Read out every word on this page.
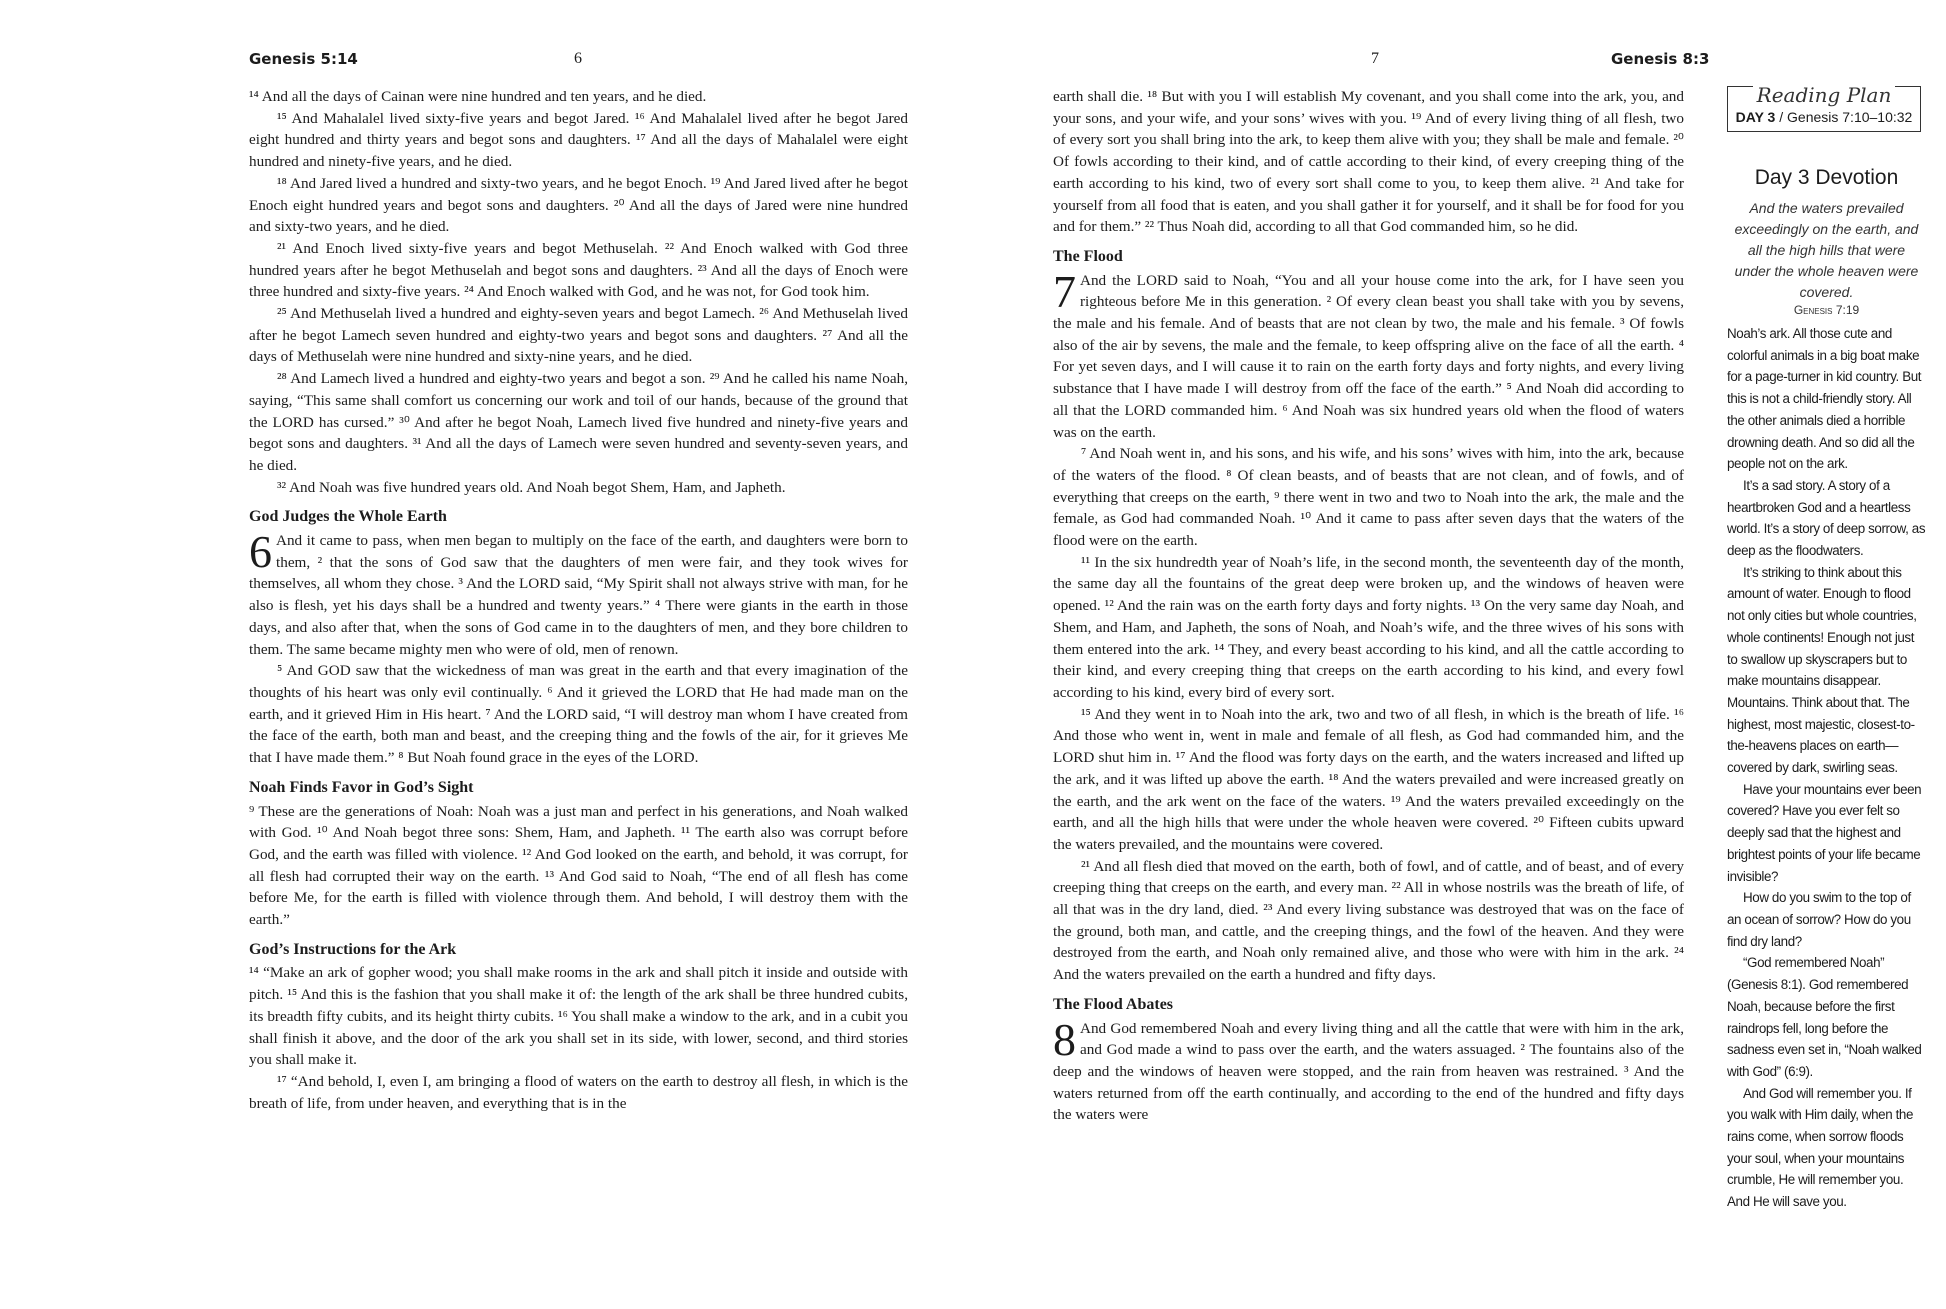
Genesis 5:14	6

¹⁴ And all the days of Cainan were nine hundred and ten years, and he died.

¹⁵ And Mahalalel lived sixty-five years and begot Jared. ¹⁶ And Mahalalel lived after he begot Jared eight hundred and thirty years and begot sons and daughters. ¹⁷ And all the days of Mahalalel were eight hundred and ninety-five years, and he died.

¹⁸ And Jared lived a hundred and sixty-two years, and he begot Enoch. ¹⁹ And Jared lived after he begot Enoch eight hundred years and begot sons and daughters. ²⁰ And all the days of Jared were nine hundred and sixty-two years, and he died.

²¹ And Enoch lived sixty-five years and begot Methuselah. ²² And Enoch walked with God three hundred years after he begot Methuselah and begot sons and daughters. ²³ And all the days of Enoch were three hundred and sixty-five years. ²⁴ And Enoch walked with God, and he was not, for God took him.

²⁵ And Methuselah lived a hundred and eighty-seven years and begot Lamech. ²⁶ And Methuselah lived after he begot Lamech seven hundred and eighty-two years and begot sons and daughters. ²⁷ And all the days of Methuselah were nine hundred and sixty-nine years, and he died.

²⁸ And Lamech lived a hundred and eighty-two years and begot a son. ²⁹ And he called his name Noah, saying, “This same shall comfort us concerning our work and toil of our hands, because of the ground that the LORD has cursed.” ³⁰ And after he begot Noah, Lamech lived five hundred and ninety-five years and begot sons and daughters. ³¹ And all the days of Lamech were seven hundred and seventy-seven years, and he died.

³² And Noah was five hundred years old. And Noah begot Shem, Ham, and Japheth.

God Judges the Whole Earth

6 And it came to pass, when men began to multiply on the face of the earth, and daughters were born to them, ² that the sons of God saw that the daughters of men were fair, and they took wives for themselves, all whom they chose. ³ And the LORD said, “My Spirit shall not always strive with man, for he also is flesh, yet his days shall be a hundred and twenty years.” ⁴ There were giants in the earth in those days, and also after that, when the sons of God came in to the daughters of men, and they bore children to them. The same became mighty men who were of old, men of renown.

⁵ And GOD saw that the wickedness of man was great in the earth and that every imagination of the thoughts of his heart was only evil continually. ⁶ And it grieved the LORD that He had made man on the earth, and it grieved Him in His heart. ⁷ And the LORD said, “I will destroy man whom I have created from the face of the earth, both man and beast, and the creeping thing and the fowls of the air, for it grieves Me that I have made them.” ⁸ But Noah found grace in the eyes of the LORD.

Noah Finds Favor in God’s Sight

⁹ These are the generations of Noah: Noah was a just man and perfect in his generations, and Noah walked with God. ¹⁰ And Noah begot three sons: Shem, Ham, and Japheth. ¹¹ The earth also was corrupt before God, and the earth was filled with violence. ¹² And God looked on the earth, and behold, it was corrupt, for all flesh had corrupted their way on the earth. ¹³ And God said to Noah, “The end of all flesh has come before Me, for the earth is filled with violence through them. And behold, I will destroy them with the earth.”

God’s Instructions for the Ark

¹⁴ “Make an ark of gopher wood; you shall make rooms in the ark and shall pitch it inside and outside with pitch. ¹⁵ And this is the fashion that you shall make it of: the length of the ark shall be three hundred cubits, its breadth fifty cubits, and its height thirty cubits. ¹⁶ You shall make a window to the ark, and in a cubit you shall finish it above, and the door of the ark you shall set in its side, with lower, second, and third stories you shall make it.

¹⁷ “And behold, I, even I, am bringing a flood of waters on the earth to destroy all flesh, in which is the breath of life, from under heaven, and everything that is in the

7	Genesis 8:3

earth shall die. ¹⁸ But with you I will establish My covenant, and you shall come into the ark, you, and your sons, and your wife, and your sons’ wives with you. ¹⁹ And of every living thing of all flesh, two of every sort you shall bring into the ark, to keep them alive with you; they shall be male and female. ²⁰ Of fowls according to their kind, and of cattle according to their kind, of every creeping thing of the earth according to his kind, two of every sort shall come to you, to keep them alive. ²¹ And take for yourself from all food that is eaten, and you shall gather it for yourself, and it shall be for food for you and for them.” ²² Thus Noah did, according to all that God commanded him, so he did.

The Flood

7 And the LORD said to Noah, “You and all your house come into the ark, for I have seen you righteous before Me in this generation. ² Of every clean beast you shall take with you by sevens, the male and his female. And of beasts that are not clean by two, the male and his female. ³ Of fowls also of the air by sevens, the male and the female, to keep offspring alive on the face of all the earth. ⁴ For yet seven days, and I will cause it to rain on the earth forty days and forty nights, and every living substance that I have made I will destroy from off the face of the earth.” ⁵ And Noah did according to all that the LORD commanded him. ⁶ And Noah was six hundred years old when the flood of waters was on the earth.

⁷ And Noah went in, and his sons, and his wife, and his sons’ wives with him, into the ark, because of the waters of the flood. ⁸ Of clean beasts, and of beasts that are not clean, and of fowls, and of everything that creeps on the earth, ⁹ there went in two and two to Noah into the ark, the male and the female, as God had commanded Noah. ¹⁰ And it came to pass after seven days that the waters of the flood were on the earth.

¹¹ In the six hundredth year of Noah’s life, in the second month, the seventeenth day of the month, the same day all the fountains of the great deep were broken up, and the windows of heaven were opened. ¹² And the rain was on the earth forty days and forty nights. ¹³ On the very same day Noah, and Shem, and Ham, and Japheth, the sons of Noah, and Noah’s wife, and the three wives of his sons with them entered into the ark. ¹⁴ They, and every beast according to his kind, and all the cattle according to their kind, and every creeping thing that creeps on the earth according to his kind, and every fowl according to his kind, every bird of every sort.

¹⁵ And they went in to Noah into the ark, two and two of all flesh, in which is the breath of life. ¹⁶ And those who went in, went in male and female of all flesh, as God had commanded him, and the LORD shut him in. ¹⁷ And the flood was forty days on the earth, and the waters increased and lifted up the ark, and it was lifted up above the earth. ¹⁸ And the waters prevailed and were increased greatly on the earth, and the ark went on the face of the waters. ¹⁹ And the waters prevailed exceedingly on the earth, and all the high hills that were under the whole heaven were covered. ²⁰ Fifteen cubits upward the waters prevailed, and the mountains were covered.

²¹ And all flesh died that moved on the earth, both of fowl, and of cattle, and of beast, and of every creeping thing that creeps on the earth, and every man. ²² All in whose nostrils was the breath of life, of all that was in the dry land, died. ²³ And every living substance was destroyed that was on the face of the ground, both man, and cattle, and the creeping things, and the fowl of the heaven. And they were destroyed from the earth, and Noah only remained alive, and those who were with him in the ark. ²⁴ And the waters prevailed on the earth a hundred and fifty days.

The Flood Abates

8 And God remembered Noah and every living thing and all the cattle that were with him in the ark, and God made a wind to pass over the earth, and the waters assuaged. ² The fountains also of the deep and the windows of heaven were stopped, and the rain from heaven was restrained. ³ And the waters returned from off the earth continually, and according to the end of the hundred and fifty days the waters were

Reading Plan
DAY 3 / Genesis 7:10–10:32
Day 3 Devotion
And the waters prevailed exceedingly on the earth, and all the high hills that were under the whole heaven were covered.
Genesis 7:19

Noah’s ark. All those cute and colorful animals in a big boat make for a page-turner in kid country. But this is not a child-friendly story. All the other animals died a horrible drowning death. And so did all the people not on the ark.

It’s a sad story. A story of a heartbroken God and a heartless world. It’s a story of deep sorrow, as deep as the floodwaters.

It’s striking to think about this amount of water. Enough to flood not only cities but whole countries, whole continents! Enough not just to swallow up skyscrapers but to make mountains disappear. Mountains. Think about that. The highest, most majestic, closest-to-the-heavens places on earth—covered by dark, swirling seas.

Have your mountains ever been covered? Have you ever felt so deeply sad that the highest and brightest points of your life became invisible?

How do you swim to the top of an ocean of sorrow? How do you find dry land?

“God remembered Noah” (Genesis 8:1). God remembered Noah, because before the first raindrops fell, long before the sadness even set in, “Noah walked with God” (6:9).

And God will remember you. If you walk with Him daily, when the rains come, when sorrow floods your soul, when your mountains crumble, He will remember you. And He will save you.
